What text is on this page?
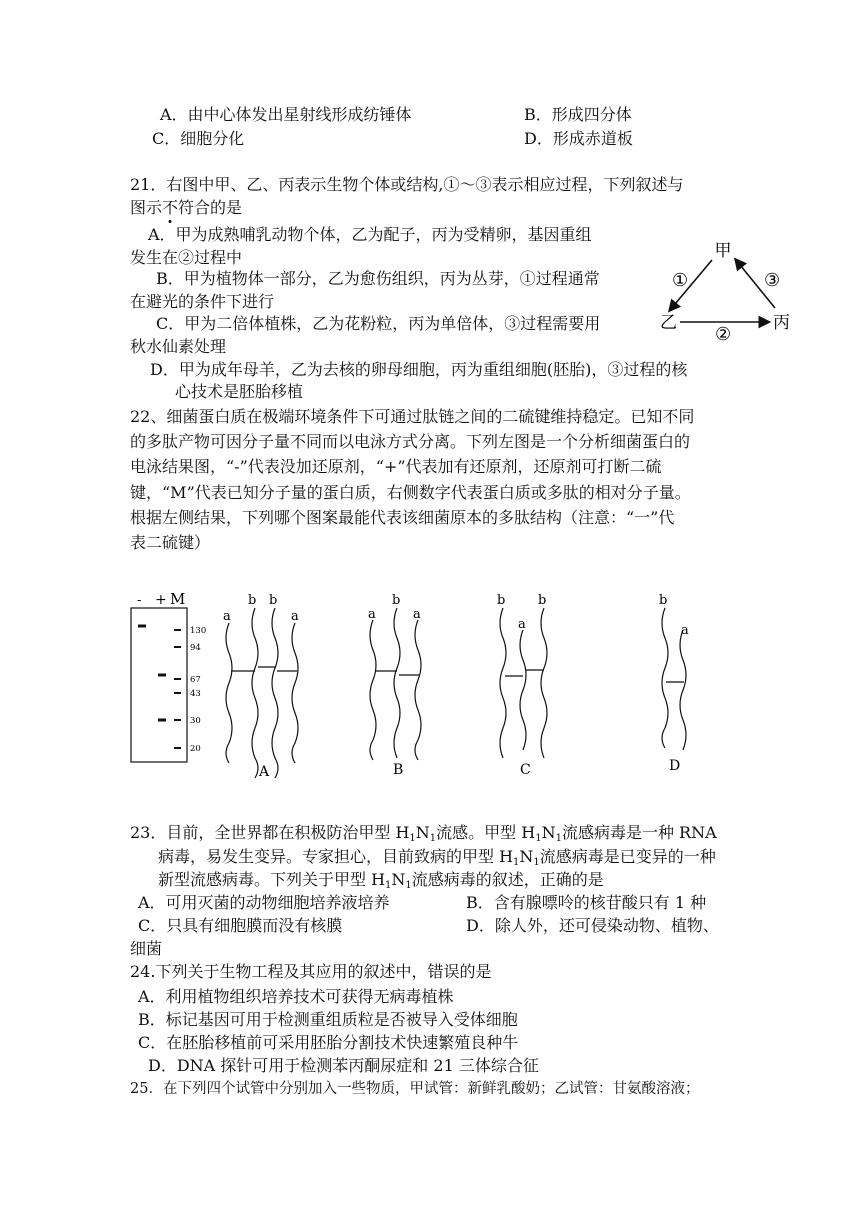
A．由中心体发出星射线形成纺锤体	B．形成四分体
C．细胞分化	D．形成赤道板
21．右图中甲、乙、丙表示生物个体或结构,①～③表示相应过程，下列叙述与
图示不符合的是
A．甲为成熟哺乳动物个体，乙为配子，丙为受精卵，基因重组
发生在②过程中
B．甲为植物体一部分，乙为愈伤组织，丙为丛芽，①过程通常
在避光的条件下进行
C．甲为二倍体植株，乙为花粉粒，丙为单倍体，③过程需要用
秋水仙素处理
D．甲为成年母羊，乙为去核的卵母细胞，丙为重组细胞(胚胎)，③过程的核
心技术是胚胎移植
甲
乙	丙
①
②
③
22、细菌蛋白质在极端环境条件下可通过肽链之间的二硫键维持稳定。已知不同
的多肽产物可因分子量不同而以电泳方式分离。下列左图是一个分析细菌蛋白的
电泳结果图，“-”代表没加还原剂，“+”代表加有还原剂，还原剂可打断二硫
键，“M”代表已知分子量的蛋白质，右侧数字代表蛋白质或多肽的相对分子量。
根据左侧结果，下列哪个图案最能代表该细菌原本的多肽结构（注意：“一”代
表二硫键）
- + M
130
94
67
43
30
20
a
b b
a
A
a
b
a
B
b
a
b
C
b
a
D
23．目前，全世界都在积极防治甲型 $H_1N_1$流感。甲型 $H_1N_1$流感病毒是一种 RNA
病毒，易发生变异。专家担心，目前致病的甲型 $H_1N_1$流感病毒是已变异的一种
新型流感病毒。下列关于甲型 $H_1N_1$流感病毒的叙述，正确的是
A．可用灭菌的动物细胞培养液培养	B．含有腺嘌呤的核苷酸只有 1 种
C．只具有细胞膜而没有核膜	D．除人外，还可侵染动物、植物、
细菌
24.下列关于生物工程及其应用的叙述中，错误的是
A．利用植物组织培养技术可获得无病毒植株
B．标记基因可用于检测重组质粒是否被导入受体细胞
C．在胚胎移植前可采用胚胎分割技术快速繁殖良种牛
D．DNA 探针可用于检测苯丙酮尿症和 21 三体综合征
25．在下列四个试管中分别加入一些物质，甲试管：新鲜乳酸奶；乙试管：甘氨酸溶液；
